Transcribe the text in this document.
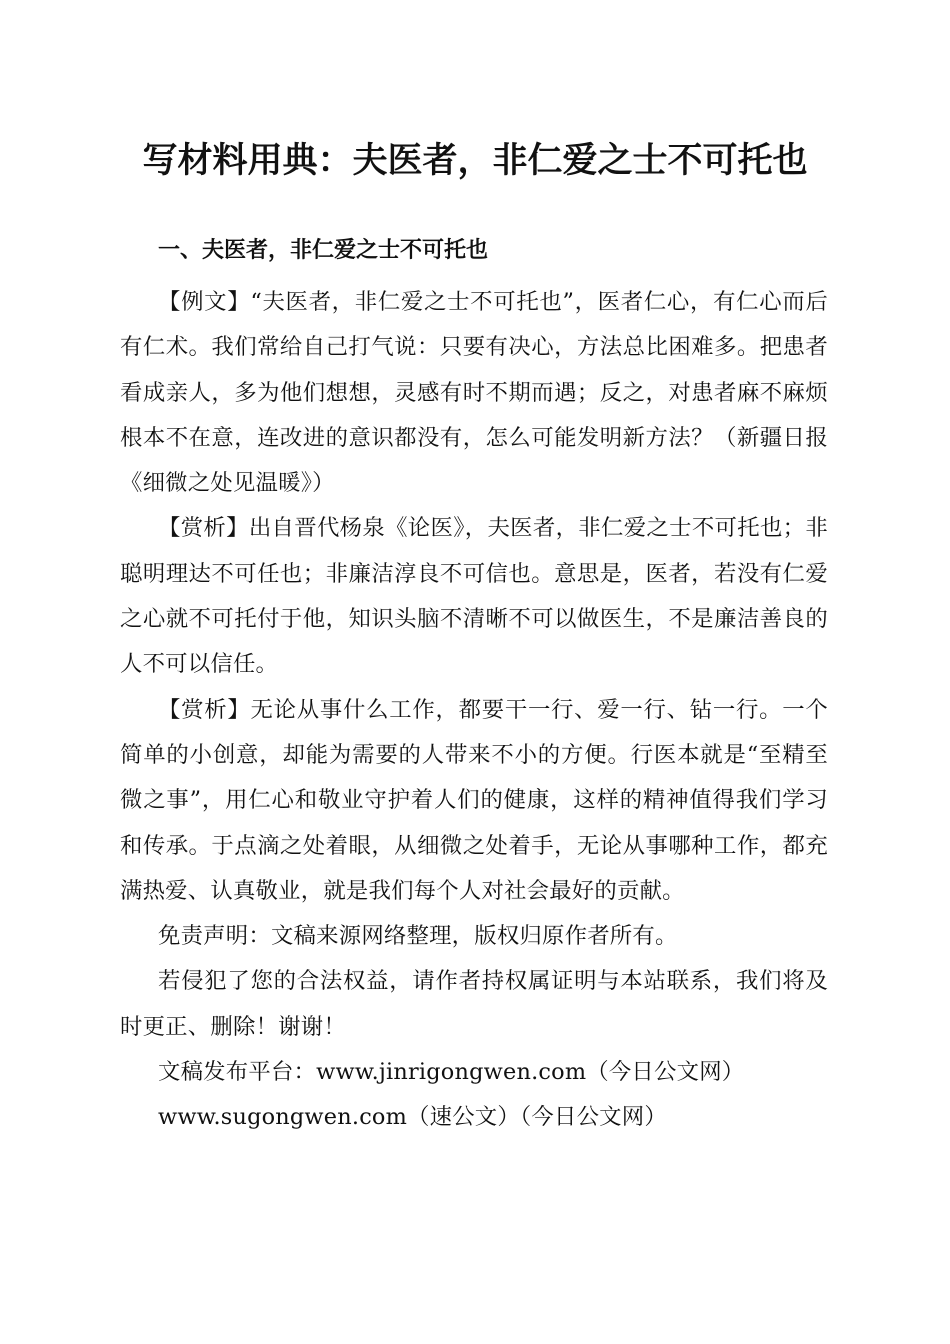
写材料用典：夫医者，非仁爱之士不可托也
一、夫医者，非仁爱之士不可托也

【例文】“夫医者，非仁爱之士不可托也”，医者仁心，有仁心而后有仁术。我们常给自己打气说：只要有决心，方法总比困难多。把患者看成亲人，多为他们想想，灵感有时不期而遇；反之，对患者麻不麻烦根本不在意，连改进的意识都没有，怎么可能发明新方法？（新疆日报《细微之处见温暖》）

【赏析】出自晋代杨泉《论医》，夫医者，非仁爱之士不可托也；非聪明理达不可任也；非廉洁淳良不可信也。意思是，医者，若没有仁爱之心就不可托付于他，知识头脑不清晰不可以做医生，不是廉洁善良的人不可以信任。

【赏析】无论从事什么工作，都要干一行、爱一行、钻一行。一个简单的小创意，却能为需要的人带来不小的方便。行医本就是“至精至微之事”，用仁心和敬业守护着人们的健康，这样的精神值得我们学习和传承。于点滴之处着眼，从细微之处着手，无论从事哪种工作，都充满热爱、认真敬业，就是我们每个人对社会最好的贡献。

免责声明：文稿来源网络整理，版权归原作者所有。

若侵犯了您的合法权益，请作者持权属证明与本站联系，我们将及时更正、删除！谢谢！

文稿发布平台：www.jinrigongwen.com（今日公文网）

www.sugongwen.com（速公文）（今日公文网）
